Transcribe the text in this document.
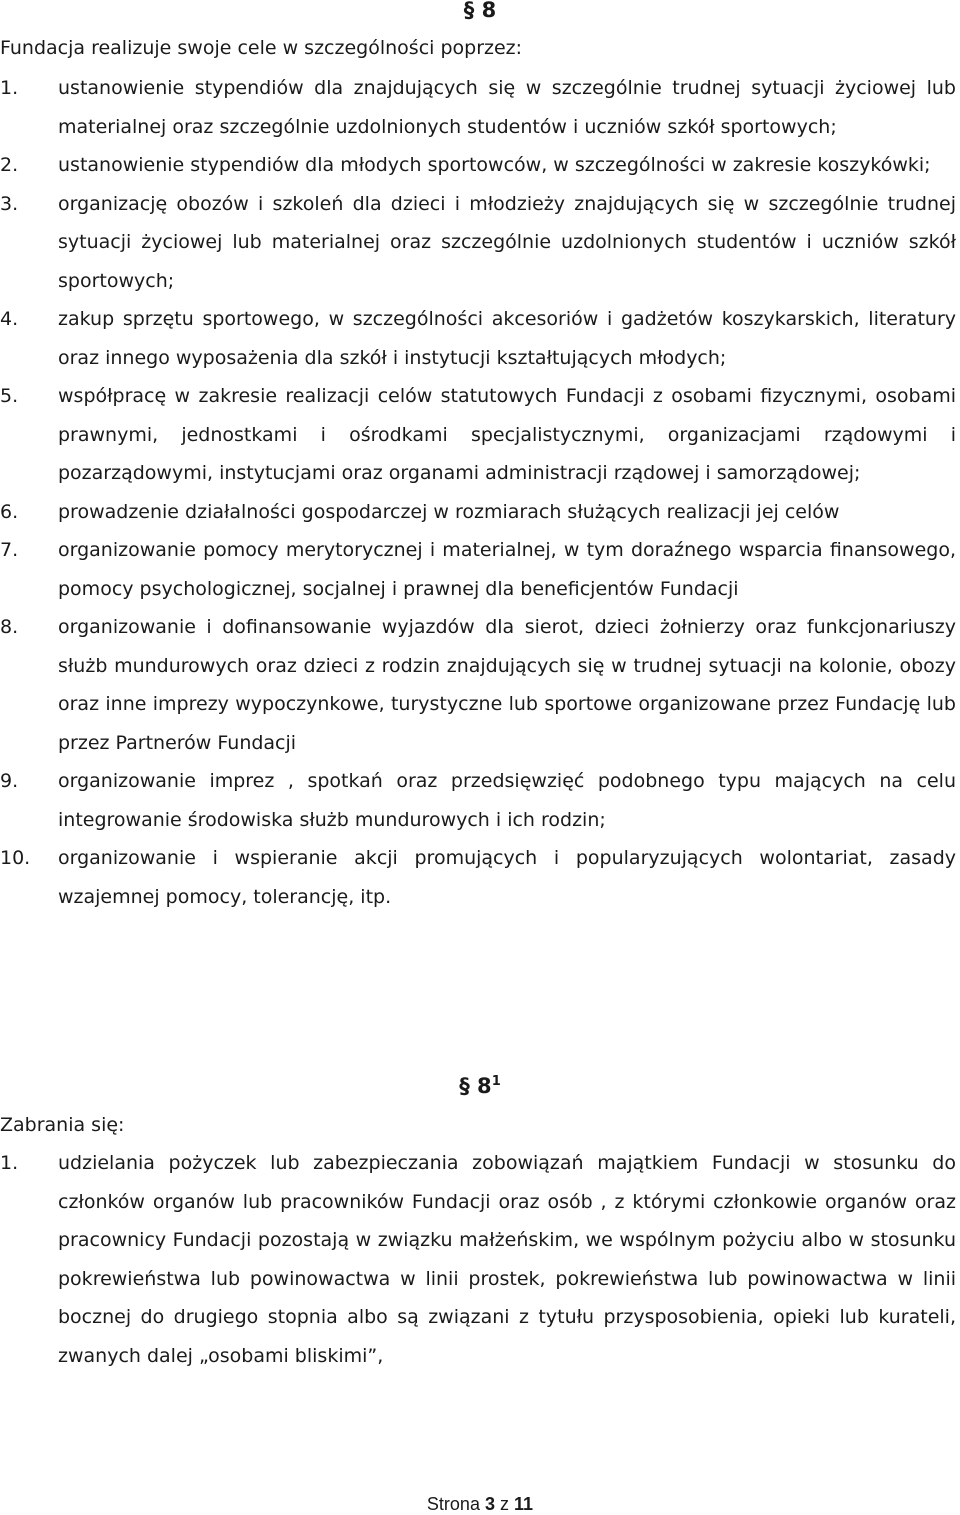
§ 8
Fundacja realizuje swoje cele w szczególności poprzez:
1. ustanowienie stypendiów dla znajdujących się w szczególnie trudnej sytuacji życiowej lub materialnej oraz szczególnie uzdolnionych studentów i uczniów szkół sportowych;
2. ustanowienie stypendiów dla młodych sportowców, w szczególności w zakresie koszykówki;
3. organizację obozów i szkoleń dla dzieci i młodzieży znajdujących się w szczególnie trudnej sytuacji życiowej lub materialnej oraz szczególnie uzdolnionych studentów i uczniów szkół sportowych;
4. zakup sprzętu sportowego, w szczególności akcesoriów i gadżetów koszykarskich, literatury oraz innego wyposażenia dla szkół i instytucji kształtujących młodych;
5. współpracę w zakresie realizacji celów statutowych Fundacji z osobami fizycznymi, osobami prawnymi, jednostkami i ośrodkami specjalistycznymi, organizacjami rządowymi i pozarządowymi, instytucjami oraz organami administracji rządowej i samorządowej;
6. prowadzenie działalności gospodarczej w rozmiarach służących realizacji jej celów
7. organizowanie pomocy merytorycznej i materialnej, w tym doraźnego wsparcia finansowego, pomocy psychologicznej, socjalnej i prawnej dla beneficjentów Fundacji
8. organizowanie i dofinansowanie wyjazdów dla sierot, dzieci żołnierzy oraz funkcjonariuszy służb mundurowych oraz dzieci z rodzin znajdujących się w trudnej sytuacji na kolonie, obozy oraz inne imprezy wypoczynkowe, turystyczne lub sportowe organizowane przez Fundację lub przez Partnerów Fundacji
9. organizowanie imprez , spotkań oraz przedsięwzięć podobnego typu mających na celu integrowanie środowiska służb mundurowych i ich rodzin;
10. organizowanie i wspieranie akcji promujących i popularyzujących wolontariat, zasady wzajemnej pomocy, tolerancję, itp.
§ $8^1$
Zabrania się:
1. udzielania pożyczek lub zabezpieczania zobowiązań majątkiem Fundacji w stosunku do członków organów lub pracowników Fundacji oraz osób , z którymi członkowie organów oraz pracownicy Fundacji pozostają w związku małżeńskim, we wspólnym pożyciu albo w stosunku pokrewieństwa lub powinowactwa w linii prostek, pokrewieństwa lub powinowactwa w linii bocznej do drugiego stopnia albo są związani z tytułu przysposobienia, opieki lub kurateli, zwanych dalej „osobami bliskimi”,
Strona 3 z 11
